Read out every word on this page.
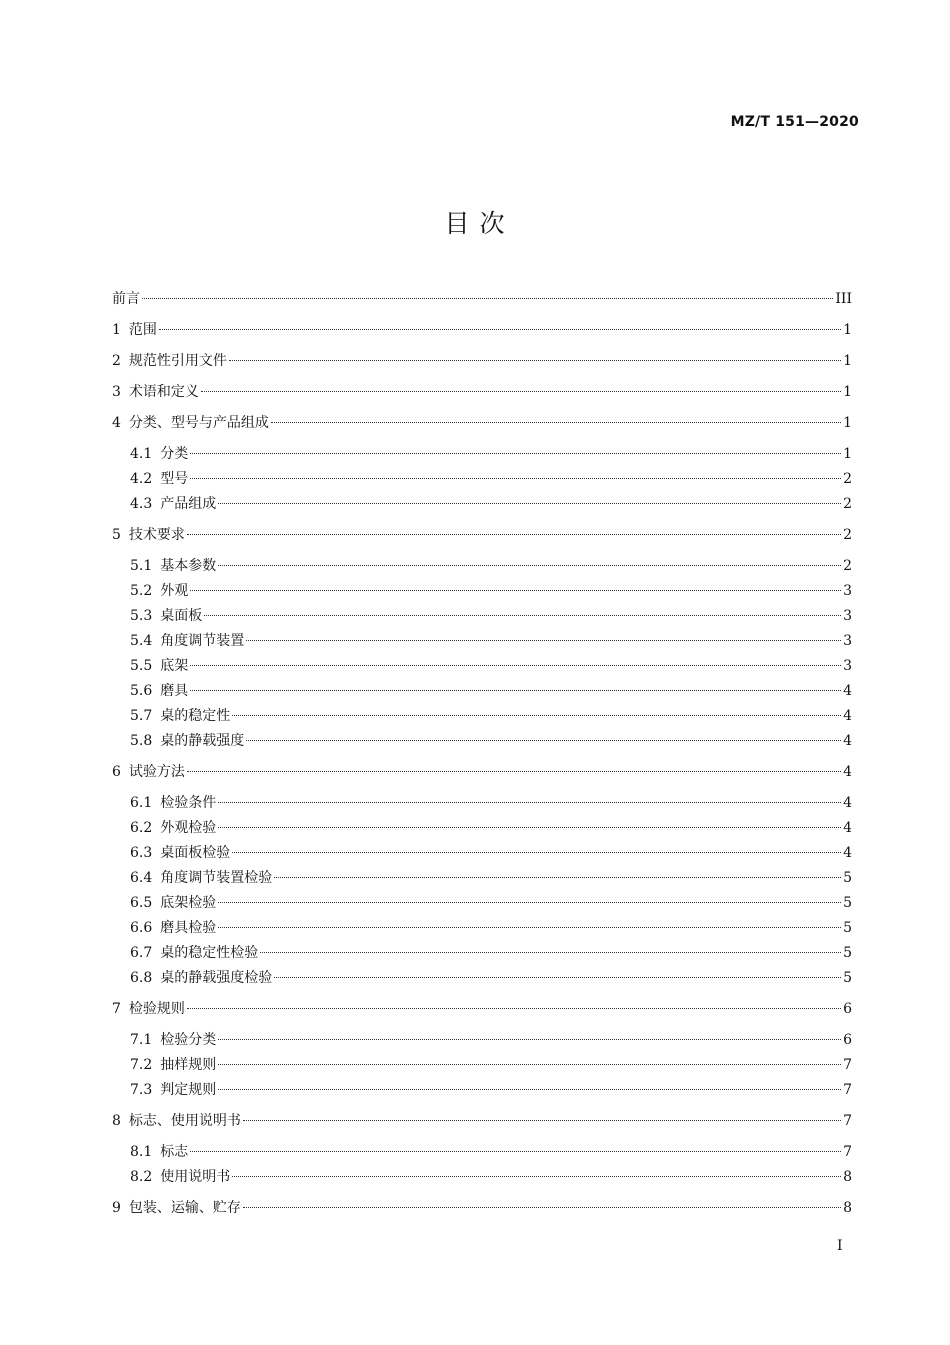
MZ/T 151—2020
目 次
前言	III
1 范围	1
2 规范性引用文件	1
3 术语和定义	1
4 分类、型号与产品组成	1
4.1 分类	1
4.2 型号	2
4.3 产品组成	2
5 技术要求	2
5.1 基本参数	2
5.2 外观	3
5.3 桌面板	3
5.4 角度调节装置	3
5.5 底架	3
5.6 磨具	4
5.7 桌的稳定性	4
5.8 桌的静载强度	4
6 试验方法	4
6.1 检验条件	4
6.2 外观检验	4
6.3 桌面板检验	4
6.4 角度调节装置检验	5
6.5 底架检验	5
6.6 磨具检验	5
6.7 桌的稳定性检验	5
6.8 桌的静载强度检验	5
7 检验规则	6
7.1 检验分类	6
7.2 抽样规则	7
7.3 判定规则	7
8 标志、使用说明书	7
8.1 标志	7
8.2 使用说明书	8
9 包装、运输、贮存	8
I
